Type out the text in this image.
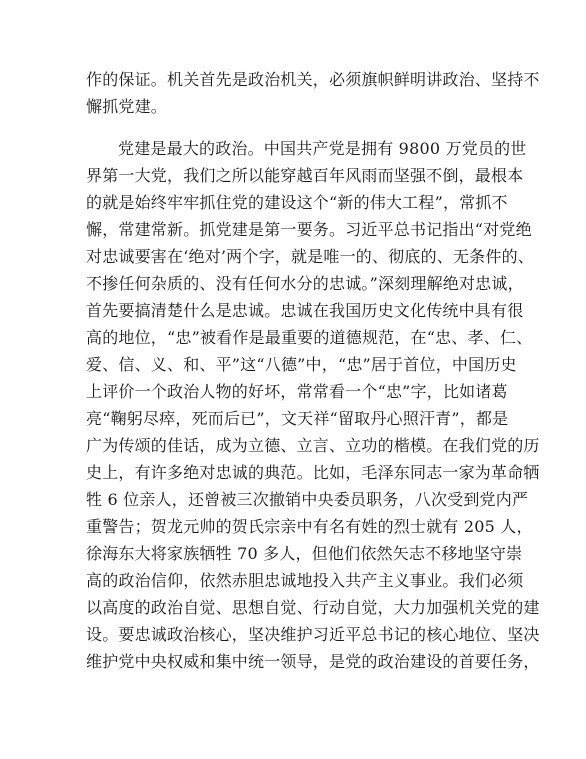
作的保证。机关首先是政治机关，必须旗帜鲜明讲政治、坚持不
懈抓党建。

党建是最大的政治。中国共产党是拥有 9800 万党员的世
界第一大党，我们之所以能穿越百年风雨而坚强不倒，最根本
的就是始终牢牢抓住党的建设这个“新的伟大工程”，常抓不
懈，常建常新。抓党建是第一要务。习近平总书记指出“对党绝
对忠诚要害在‘绝对’两个字，就是唯一的、彻底的、无条件的、
不掺任何杂质的、没有任何水分的忠诚。”深刻理解绝对忠诚，
首先要搞清楚什么是忠诚。忠诚在我国历史文化传统中具有很
高的地位，“忠”被看作是最重要的道德规范，在“忠、孝、仁、
爱、信、义、和、平”这“八德”中，“忠”居于首位，中国历史
上评价一个政治人物的好坏，常常看一个“忠”字，比如诸葛
亮“鞠躬尽瘁，死而后已”，文天祥“留取丹心照汗青”，都是
广为传颂的佳话，成为立德、立言、立功的楷模。在我们党的历
史上，有许多绝对忠诚的典范。比如，毛泽东同志一家为革命牺
牲 6 位亲人，还曾被三次撤销中央委员职务，八次受到党内严
重警告；贺龙元帅的贺氏宗亲中有名有姓的烈士就有 205 人，
徐海东大将家族牺牲 70 多人，但他们依然矢志不移地坚守崇
高的政治信仰，依然赤胆忠诚地投入共产主义事业。我们必须
以高度的政治自觉、思想自觉、行动自觉，大力加强机关党的建
设。要忠诚政治核心，坚决维护习近平总书记的核心地位、坚决
维护党中央权威和集中统一领导，是党的政治建设的首要任务，
